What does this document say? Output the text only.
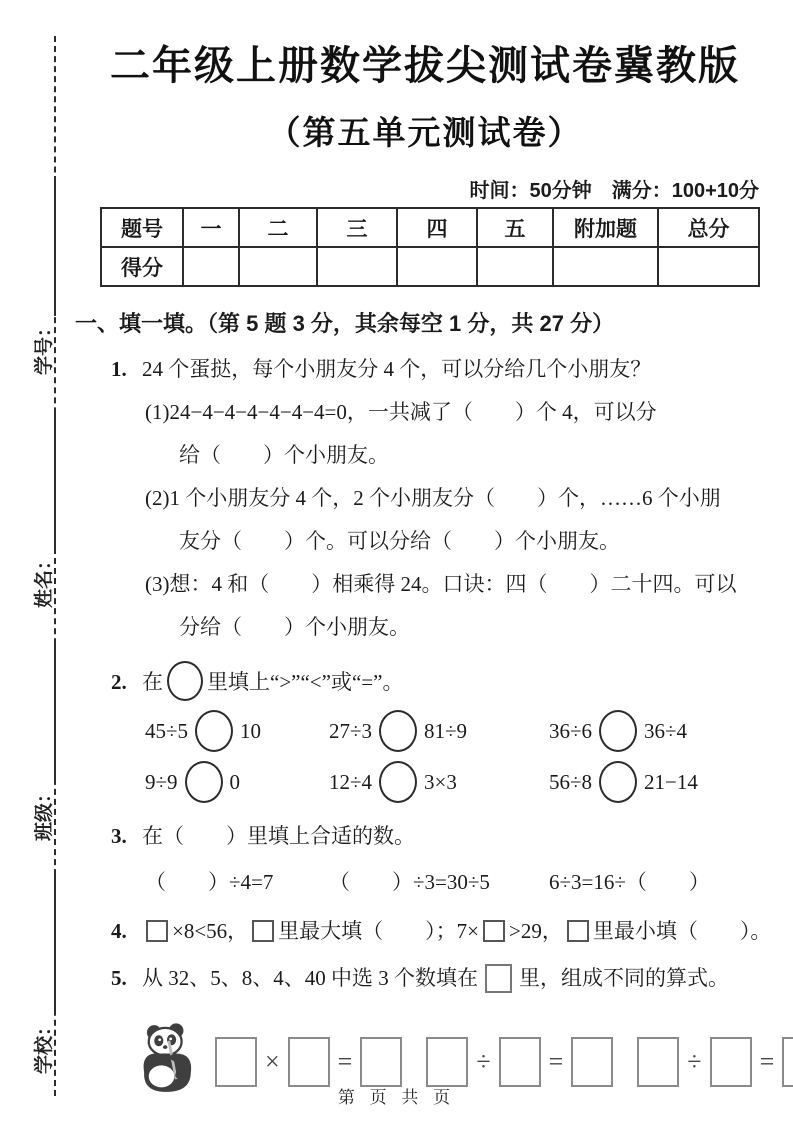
学校：
班级：
姓名：
学号：
二年级上册数学拔尖测试卷冀教版
（第五单元测试卷）
时间：50分钟　满分：100+10分
题号	一	二	三	四	五	附加题	总分
得分							
一、填一填。（第 5 题 3 分，其余每空 1 分，共 27 分）
1. 24 个蛋挞，每个小朋友分 4 个，可以分给几个小朋友？
(1)24−4−4−4−4−4−4=0，一共减了（　　）个 4，可以分
给（　　）个小朋友。
(2)1 个小朋友分 4 个，2 个小朋友分（　　）个，……6 个小朋
友分（　　）个。可以分给（　　）个小朋友。
(3)想：4 和（　　）相乘得 24。口诀：四（　　）二十四。可以
分给（　　）个小朋友。
2. 在 里填上“>”“<”或“=”。
45÷5 10	27÷3 81÷9	36÷6 36÷4
9÷9 0	12÷4 3×3	56÷8 21−14
3. 在（　　）里填上合适的数。
（　　）÷4=7	（　　）÷3=30÷5	6÷3=16÷（　　）
4. ×8<56， 里最大填（　　）；7× >29， 里最小填（　　）。
5. 从 32、5、8、4、40 中选 3 个数填在 里，组成不同的算式。
× =	÷ =	÷ =
第 页 共 页
